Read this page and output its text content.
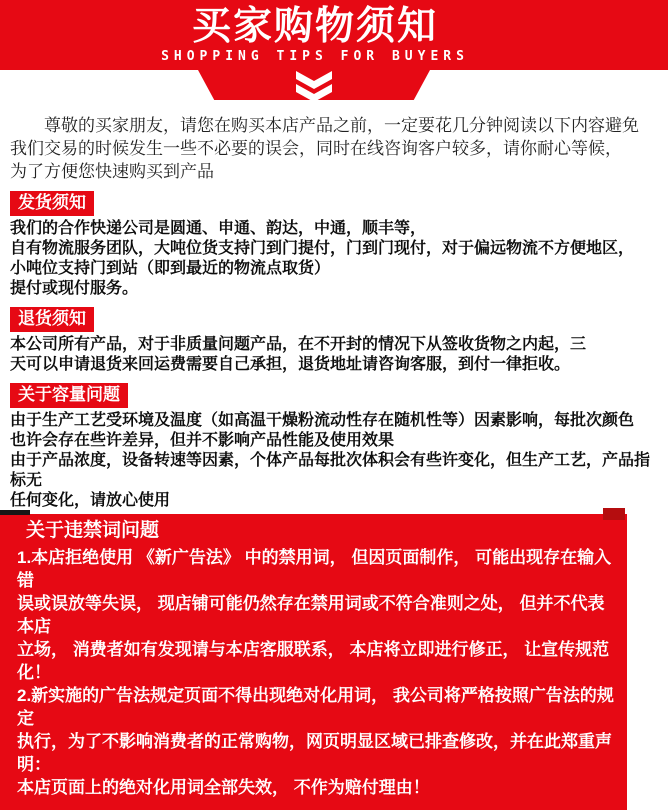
买家购物须知
SHOPPING TIPS FOR BUYERS
尊敬的买家朋友，请您在购买本店产品之前，一定要花几分钟阅读以下内容避免
我们交易的时候发生一些不必要的误会，同时在线咨询客户较多，请你耐心等候，
为了方便您快速购买到产品
发货须知
我们的合作快递公司是圆通、申通、韵达，中通，顺丰等，
自有物流服务团队，大吨位货支持门到门提付，门到门现付，对于偏远物流不方便地区，
小吨位支持门到站（即到最近的物流点取货）
提付或现付服务。
退货须知
本公司所有产品，对于非质量问题产品，在不开封的情况下从签收货物之内起，三
天可以申请退货来回运费需要自己承担，退货地址请咨询客服，到付一律拒收。
关于容量问题
由于生产工艺受环境及温度（如高温干燥粉流动性存在随机性等）因素影响，每批次颜色
也许会存在些许差异，但并不影响产品性能及使用效果
由于产品浓度，设备转速等因素，个体产品每批次体积会有些许变化，但生产工艺，产品指标无
任何变化，请放心使用
关于违禁词问题
1.本店拒绝使用 《新广告法》 中的禁用词， 但因页面制作， 可能出现存在输入错
误或误放等失误， 现店铺可能仍然存在禁用词或不符合准则之处， 但并不代表本店
立场， 消费者如有发现请与本店客服联系， 本店将立即进行修正， 让宣传规范化！
2.新实施的广告法规定页面不得出现绝对化用词， 我公司将严格按照广告法的规定
执行，为了不影响消费者的正常购物，网页明显区域已排查修改，并在此郑重声明：
本店页面上的绝对化用词全部失效， 不作为赔付理由！
